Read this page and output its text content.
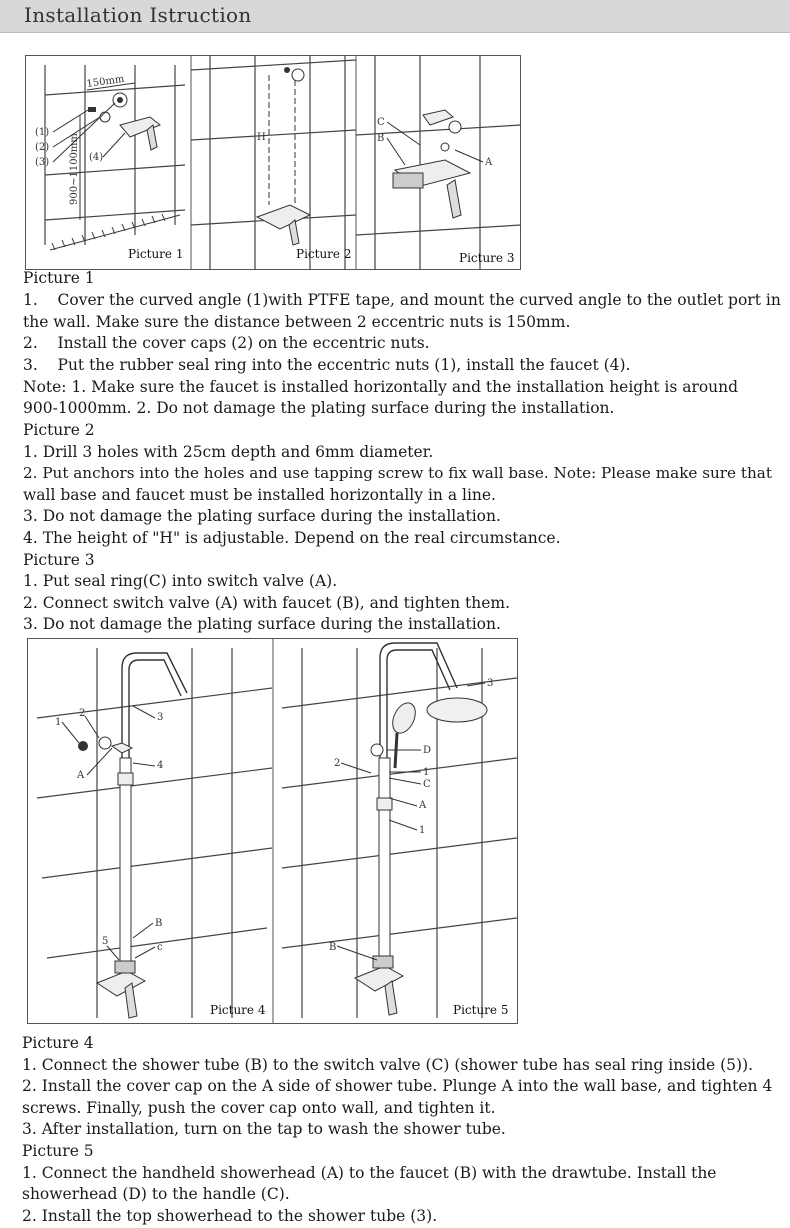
Installation Istruction
150mm
900~1100mm
(1)
(2)
(3)	(4)
H
C
B
A
Picture 1	Picture 2	Picture 3
Picture 1
1. Cover the curved angle (1)with PTFE tape, and mount the curved angle to the outlet port in
the wall. Make sure the distance between 2 eccentric nuts is 150mm.
2. Install the cover caps (2) on the eccentric nuts.
3. Put the rubber seal ring into the eccentric nuts (1), install the faucet (4).
Note: 1. Make sure the faucet is installed horizontally and the installation height is around
900-1000mm. 2. Do not damage the plating surface during the installation.
Picture 2
1. Drill 3 holes with 25cm depth and 6mm diameter.
2. Put anchors into the holes and use tapping screw to fix wall base. Note: Please make sure that
wall base and faucet must be installed horizontally in a line.
3. Do not damage the plating surface during the installation.
4. The height of "H" is adjustable. Depend on the real circumstance.
Picture 3
1. Put seal ring(C) into switch valve (A).
2. Connect switch valve (A) with faucet (B), and tighten them.
3. Do not damage the plating surface during the installation.
1
2	3
4
A
B
c
5
3
D
1
C
A
1
2
B
Picture 4	Picture 5
Picture 4
1. Connect the shower tube (B) to the switch valve (C) (shower tube has seal ring inside (5)).
2. Install the cover cap on the A side of shower tube. Plunge A into the wall base, and tighten 4
screws. Finally, push the cover cap onto wall, and tighten it.
3. After installation, turn on the tap to wash the shower tube.
Picture 5
1. Connect the handheld showerhead (A) to the faucet (B) with the drawtube. Install the
showerhead (D) to the handle (C).
2. Install the top showerhead to the shower tube (3).
